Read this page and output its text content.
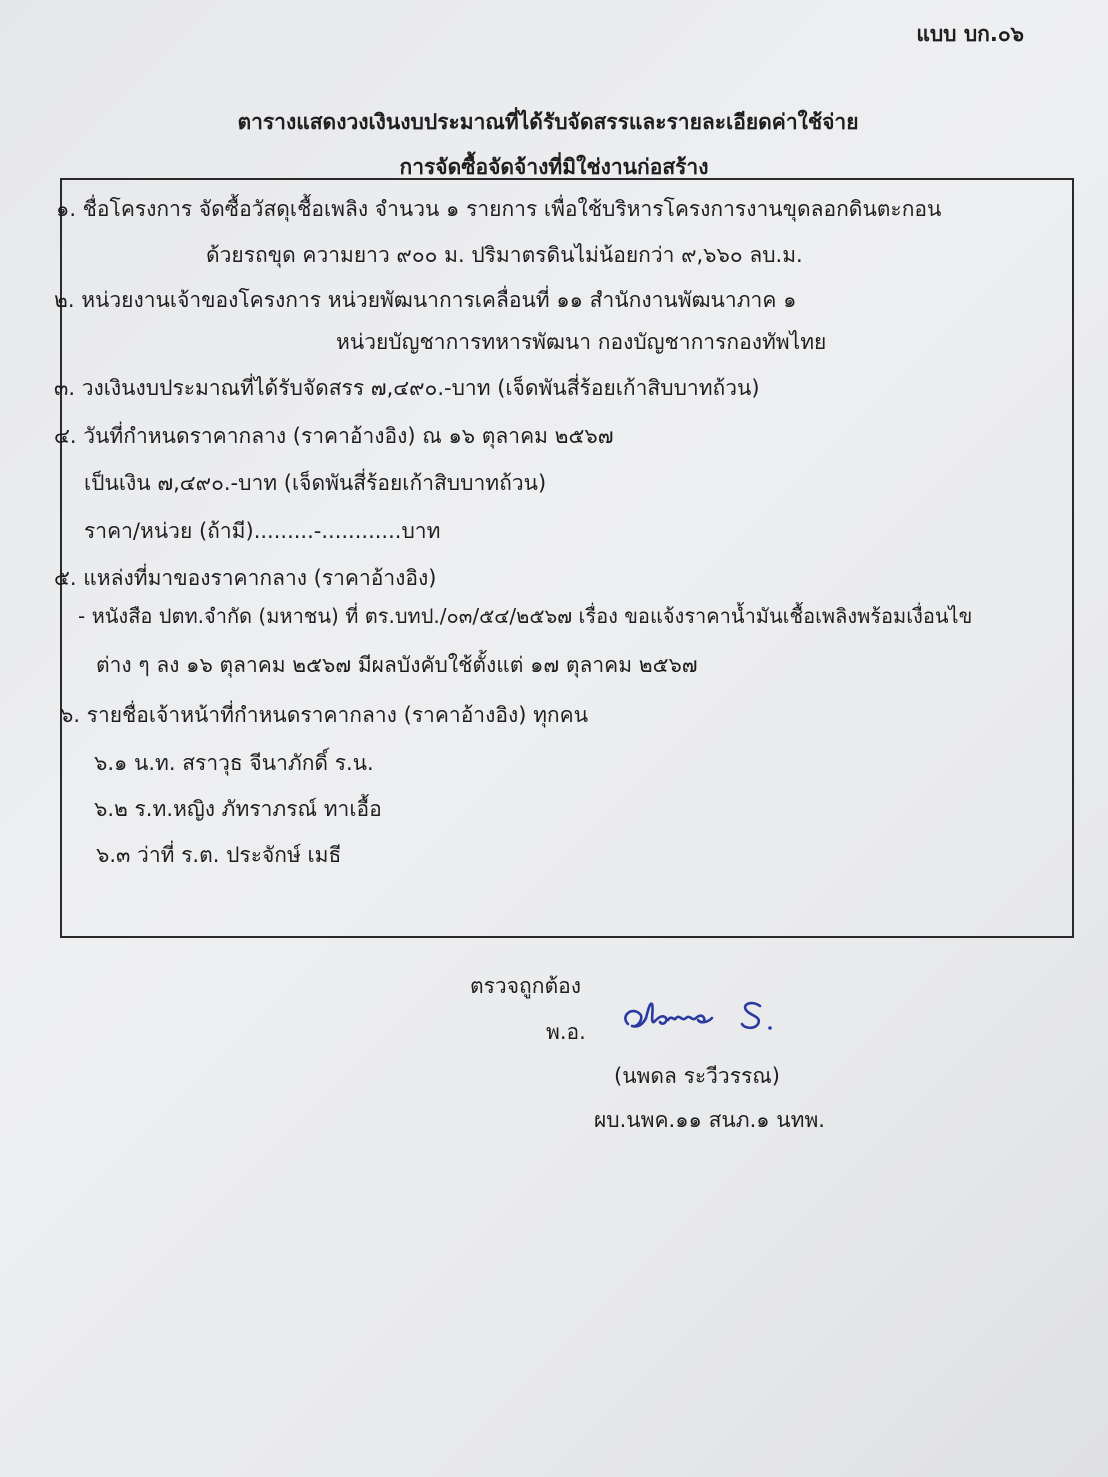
แบบ บก.๐๖
ตารางแสดงวงเงินงบประมาณที่ได้รับจัดสรรและรายละเอียดค่าใช้จ่าย
การจัดซื้อจัดจ้างที่มิใช่งานก่อสร้าง
๑. ชื่อโครงการ จัดซื้อวัสดุเชื้อเพลิง จำนวน ๑ รายการ เพื่อใช้บริหารโครงการงานขุดลอกดินตะกอน
ด้วยรถขุด ความยาว ๙๐๐ ม. ปริมาตรดินไม่น้อยกว่า ๙,๖๖๐ ลบ.ม.
๒. หน่วยงานเจ้าของโครงการ หน่วยพัฒนาการเคลื่อนที่ ๑๑ สำนักงานพัฒนาภาค ๑
หน่วยบัญชาการทหารพัฒนา กองบัญชาการกองทัพไทย
๓. วงเงินงบประมาณที่ได้รับจัดสรร ๗,๔๙๐.-บาท (เจ็ดพันสี่ร้อยเก้าสิบบาทถ้วน)
๔. วันที่กำหนดราคากลาง (ราคาอ้างอิง) ณ ๑๖ ตุลาคม ๒๕๖๗
เป็นเงิน ๗,๔๙๐.-บาท (เจ็ดพันสี่ร้อยเก้าสิบบาทถ้วน)
ราคา/หน่วย (ถ้ามี).........-............บาท
๕. แหล่งที่มาของราคากลาง (ราคาอ้างอิง)
- หนังสือ ปตท.จำกัด (มหาชน) ที่ ตร.บทป./๐๓/๕๔/๒๕๖๗ เรื่อง ขอแจ้งราคาน้ำมันเชื้อเพลิงพร้อมเงื่อนไข
ต่าง ๆ ลง ๑๖ ตุลาคม ๒๕๖๗ มีผลบังคับใช้ตั้งแต่ ๑๗ ตุลาคม ๒๕๖๗
๖. รายชื่อเจ้าหน้าที่กำหนดราคากลาง (ราคาอ้างอิง) ทุกคน
๖.๑ น.ท. สราวุธ จีนาภักดิ์ ร.น.
๖.๒ ร.ท.หญิง ภัทราภรณ์ ทาเอื้อ
๖.๓ ว่าที่ ร.ต. ประจักษ์ เมธี
ตรวจถูกต้อง
พ.อ.
(นพดล ระวีวรรณ)
ผบ.นพค.๑๑ สนภ.๑ นทพ.
